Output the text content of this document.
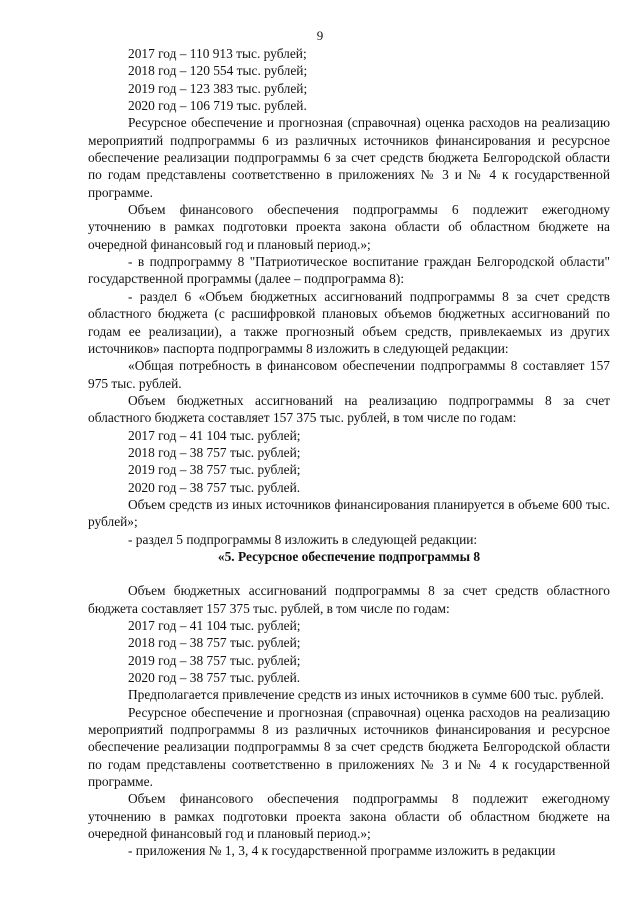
9

2017 год – 110 913 тыс. рублей;

2018 год – 120 554 тыс. рублей;

2019 год – 123 383 тыс. рублей;

2020 год – 106 719 тыс. рублей.

Ресурсное обеспечение и прогнозная (справочная) оценка расходов на реализацию мероприятий подпрограммы 6 из различных источников финансирования и ресурсное обеспечение реализации подпрограммы 6 за счет средств бюджета Белгородской области по годам представлены соответственно в приложениях № 3 и № 4 к государственной программе.

Объем финансового обеспечения подпрограммы 6 подлежит ежегодному уточнению в рамках подготовки проекта закона области об областном бюджете на очередной финансовый год и плановый период.»;

- в подпрограмму 8 "Патриотическое воспитание граждан Белгородской области" государственной программы (далее – подпрограмма 8):

- раздел 6 «Объем бюджетных ассигнований подпрограммы 8 за счет средств областного бюджета (с расшифровкой плановых объемов бюджетных ассигнований по годам ее реализации), а также прогнозный объем средств, привлекаемых из других источников» паспорта подпрограммы 8 изложить в следующей редакции:

«Общая потребность в финансовом обеспечении подпрограммы 8 составляет 157 975 тыс. рублей.

Объем бюджетных ассигнований на реализацию подпрограммы 8 за счет областного бюджета составляет 157 375 тыс. рублей, в том числе по годам:

2017 год – 41 104 тыс. рублей;

2018 год – 38 757 тыс. рублей;

2019 год – 38 757 тыс. рублей;

2020 год – 38 757 тыс. рублей.

Объем средств из иных источников финансирования планируется в объеме 600 тыс. рублей»;

- раздел 5 подпрограммы 8 изложить в следующей редакции:

«5. Ресурсное обеспечение подпрограммы 8

Объем бюджетных ассигнований подпрограммы 8 за счет средств областного бюджета составляет 157 375 тыс. рублей, в том числе по годам:

2017 год – 41 104 тыс. рублей;

2018 год – 38 757 тыс. рублей;

2019 год – 38 757 тыс. рублей;

2020 год – 38 757 тыс. рублей.

Предполагается привлечение средств из иных источников в сумме 600 тыс. рублей.

Ресурсное обеспечение и прогнозная (справочная) оценка расходов на реализацию мероприятий подпрограммы 8 из различных источников финансирования и ресурсное обеспечение реализации подпрограммы 8 за счет средств бюджета Белгородской области по годам представлены соответственно в приложениях № 3 и № 4 к государственной программе.

Объем финансового обеспечения подпрограммы 8 подлежит ежегодному уточнению в рамках подготовки проекта закона области об областном бюджете на очередной финансовый год и плановый период.»;

- приложения № 1, 3, 4 к государственной программе изложить в редакции
